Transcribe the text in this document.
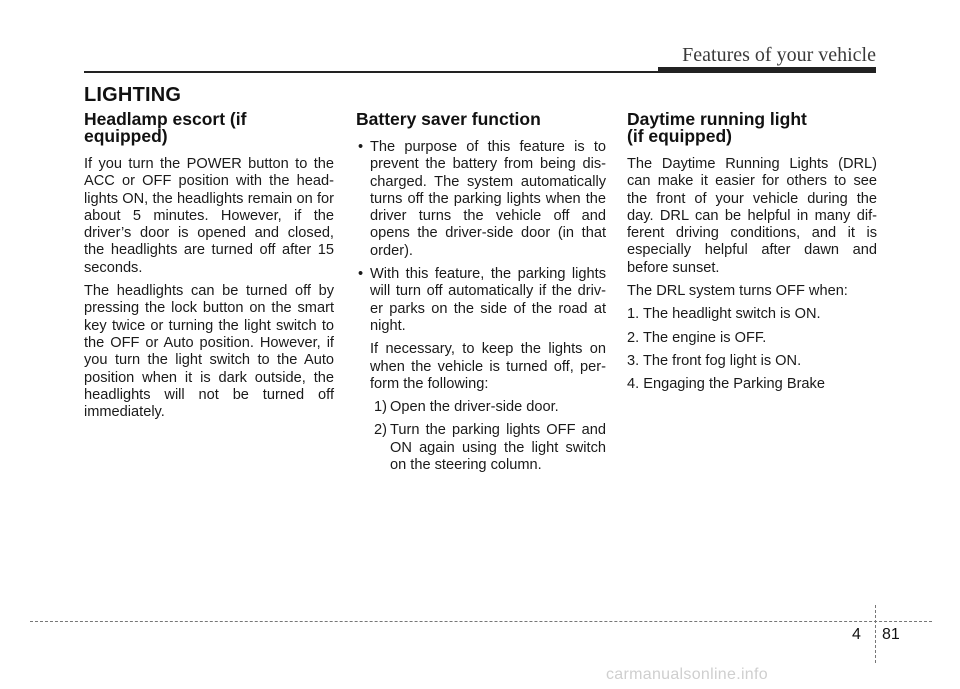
Features of your vehicle
LIGHTING
Headlamp escort (if equipped)

If you turn the POWER button to the ACC or OFF position with the head-lights ON, the headlights remain on for about 5 minutes. However, if the driver’s door is opened and closed, the headlights are turned off after 15 seconds.

The headlights can be turned off by pressing the lock button on the smart key twice or turning the light switch to the OFF or Auto position. However, if you turn the light switch to the Auto position when it is dark outside, the headlights will not be turned off immediately.

Battery saver function
• The purpose of this feature is to prevent the battery from being dis-charged. The system automatically turns off the parking lights when the driver turns the vehicle off and opens the driver-side door (in that order).
• With this feature, the parking lights will turn off automatically if the driv-er parks on the side of the road at night.
If necessary, to keep the lights on when the vehicle is turned off, per-form the following:
1) Open the driver-side door.
2) Turn the parking lights OFF and ON again using the light switch on the steering column.
Daytime running light
(if equipped)

The Daytime Running Lights (DRL) can make it easier for others to see the front of your vehicle during the day. DRL can be helpful in many dif-ferent driving conditions, and it is especially helpful after dawn and before sunset.

The DRL system turns OFF when:

1. The headlight switch is ON.

2. The engine is OFF.

3. The front fog light is ON.

4. Engaging the Parking Brake

4 81
carmanualsonline.info
